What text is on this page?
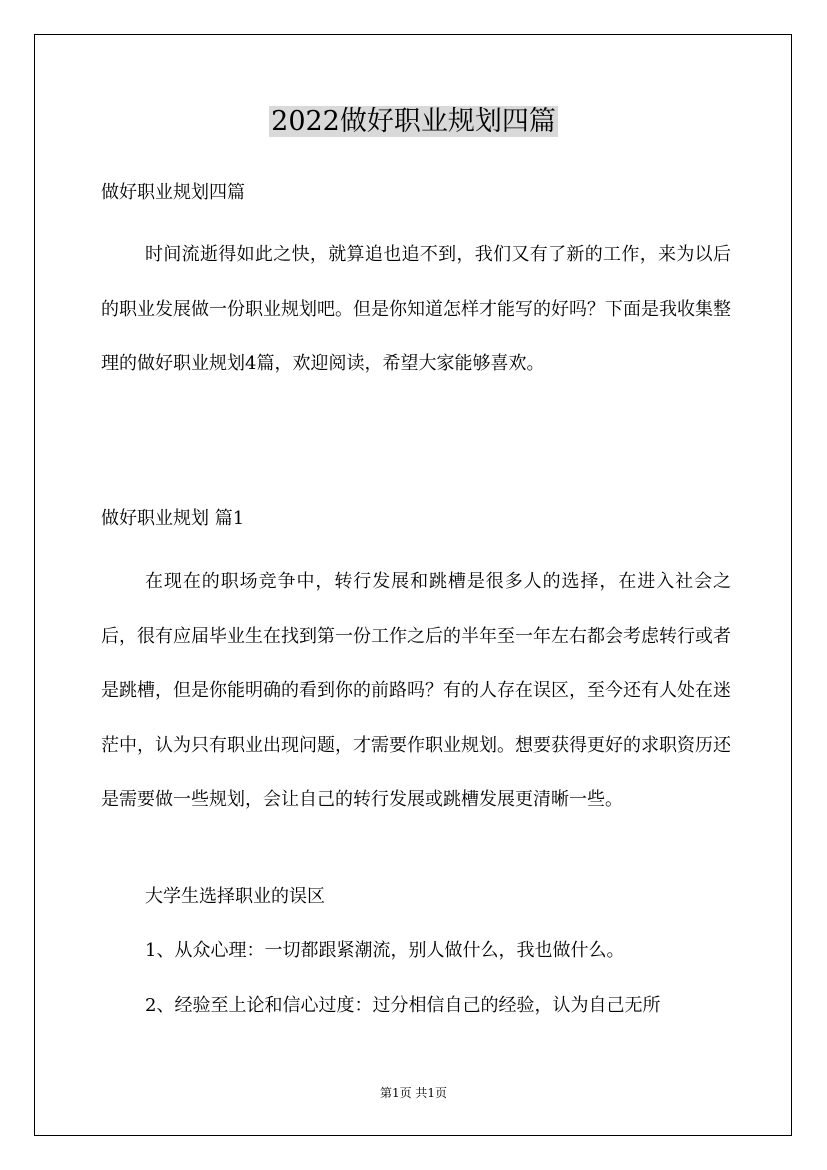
2022做好职业规划四篇
做好职业规划四篇
时间流逝得如此之快，就算追也追不到，我们又有了新的工作，来为以后的职业发展做一份职业规划吧。但是你知道怎样才能写的好吗？下面是我收集整理的做好职业规划4篇，欢迎阅读，希望大家能够喜欢。
做好职业规划 篇1
在现在的职场竞争中，转行发展和跳槽是很多人的选择，在进入社会之后，很有应届毕业生在找到第一份工作之后的半年至一年左右都会考虑转行或者是跳槽，但是你能明确的看到你的前路吗？有的人存在误区，至今还有人处在迷茫中，认为只有职业出现问题，才需要作职业规划。想要获得更好的求职资历还是需要做一些规划，会让自己的转行发展或跳槽发展更清晰一些。
大学生选择职业的误区
1、从众心理：一切都跟紧潮流，别人做什么，我也做什么。
2、经验至上论和信心过度：过分相信自己的经验，认为自己无所
第1页 共1页
